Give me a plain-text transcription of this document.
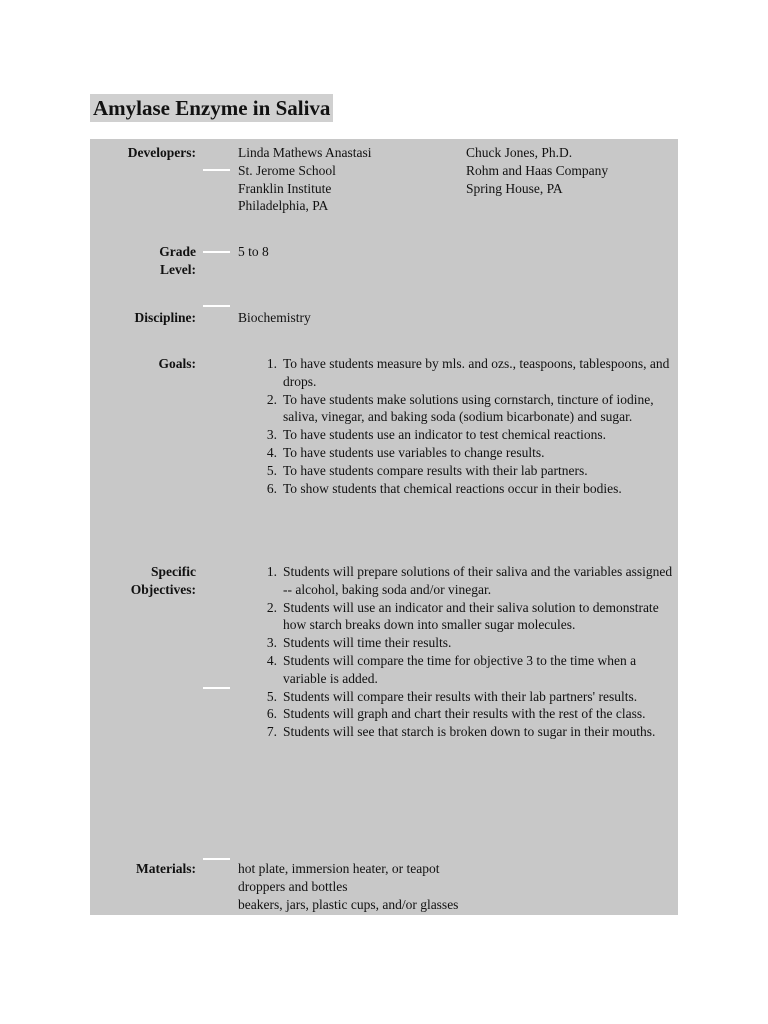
Amylase Enzyme in Saliva
Developers:	Linda Mathews Anastasi
St. Jerome School
Franklin Institute
Philadelphia, PA
Chuck Jones, Ph.D.
Rohm and Haas Company
Spring House, PA
Grade
Level:
5 to 8
Discipline:	Biochemistry
Goals:	1. To have students measure by mls. and ozs., teaspoons, tablespoons, and drops.
2. To have students make solutions using cornstarch, tincture of iodine, saliva, vinegar, and baking soda (sodium bicarbonate) and sugar.
3. To have students use an indicator to test chemical reactions.
4. To have students use variables to change results.
5. To have students compare results with their lab partners.
6. To show students that chemical reactions occur in their bodies.
Specific
Objectives:
1. Students will prepare solutions of their saliva and the variables assigned -- alcohol, baking soda and/or vinegar.
2. Students will use an indicator and their saliva solution to demonstrate how starch breaks down into smaller sugar molecules.
3. Students will time their results.
4. Students will compare the time for objective 3 to the time when a variable is added.
5. Students will compare their results with their lab partners' results.
6. Students will graph and chart their results with the rest of the class.
7. Students will see that starch is broken down to sugar in their mouths.
Materials:	hot plate, immersion heater, or teapot
droppers and bottles
beakers, jars, plastic cups, and/or glasses
